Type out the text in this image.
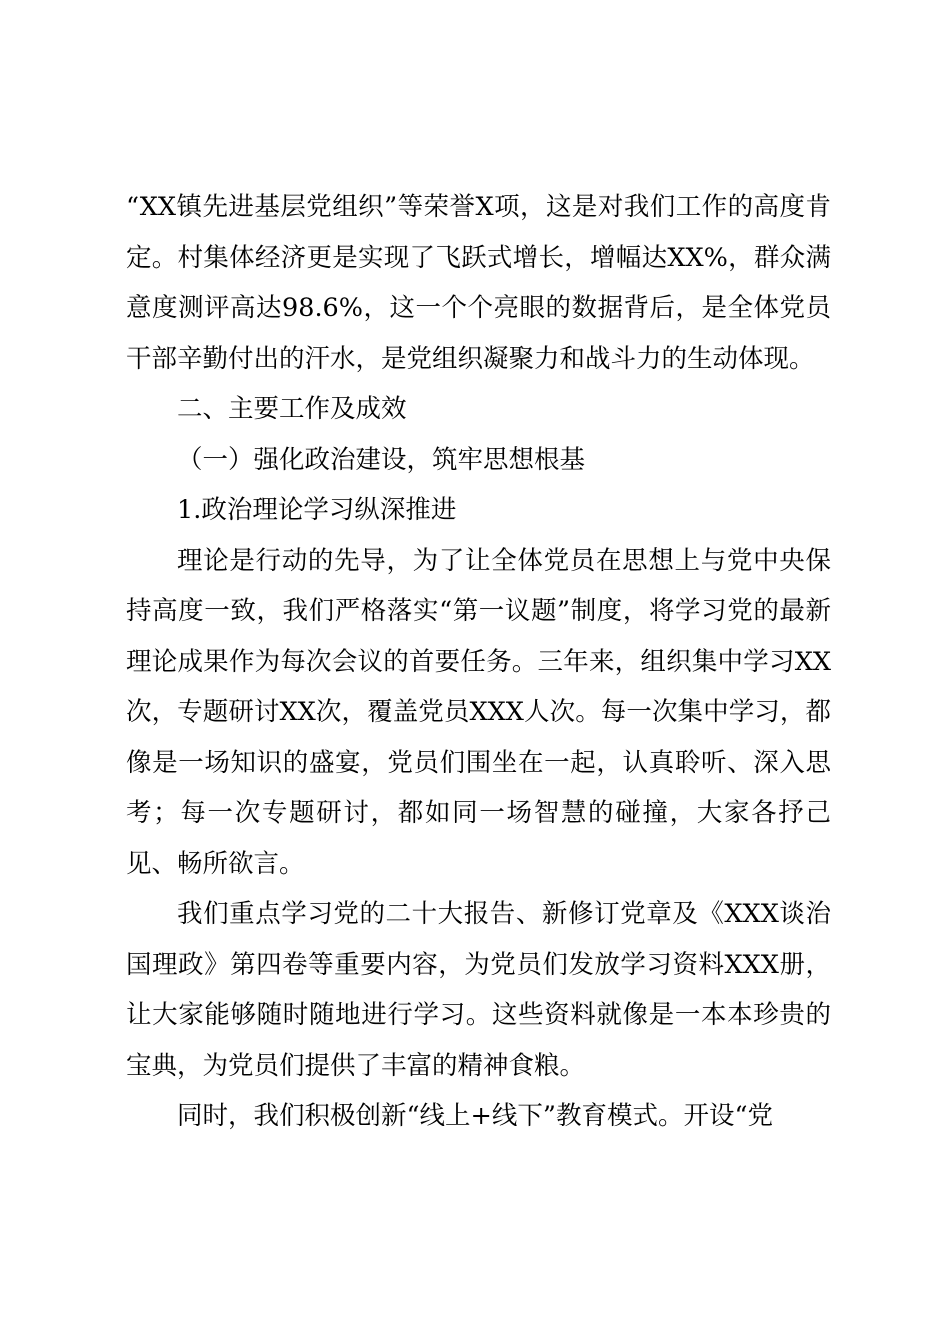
“XX镇先进基层党组织”等荣誉X项，这是对我们工作的高度肯定。村集体经济更是实现了飞跃式增长，增幅达XX%，群众满意度测评高达98.6%，这一个个亮眼的数据背后，是全体党员干部辛勤付出的汗水，是党组织凝聚力和战斗力的生动体现。

二、主要工作及成效

（一）强化政治建设，筑牢思想根基

1.政治理论学习纵深推进

理论是行动的先导，为了让全体党员在思想上与党中央保持高度一致，我们严格落实“第一议题”制度，将学习党的最新理论成果作为每次会议的首要任务。三年来，组织集中学习XX次，专题研讨XX次，覆盖党员XXX人次。每一次集中学习，都像是一场知识的盛宴，党员们围坐在一起，认真聆听、深入思考；每一次专题研讨，都如同一场智慧的碰撞，大家各抒己见、畅所欲言。

我们重点学习党的二十大报告、新修订党章及《XXX谈治国理政》第四卷等重要内容，为党员们发放学习资料XXX册，让大家能够随时随地进行学习。这些资料就像是一本本珍贵的宝典，为党员们提供了丰富的精神食粮。

同时，我们积极创新“线上+线下”教育模式。开设“党
